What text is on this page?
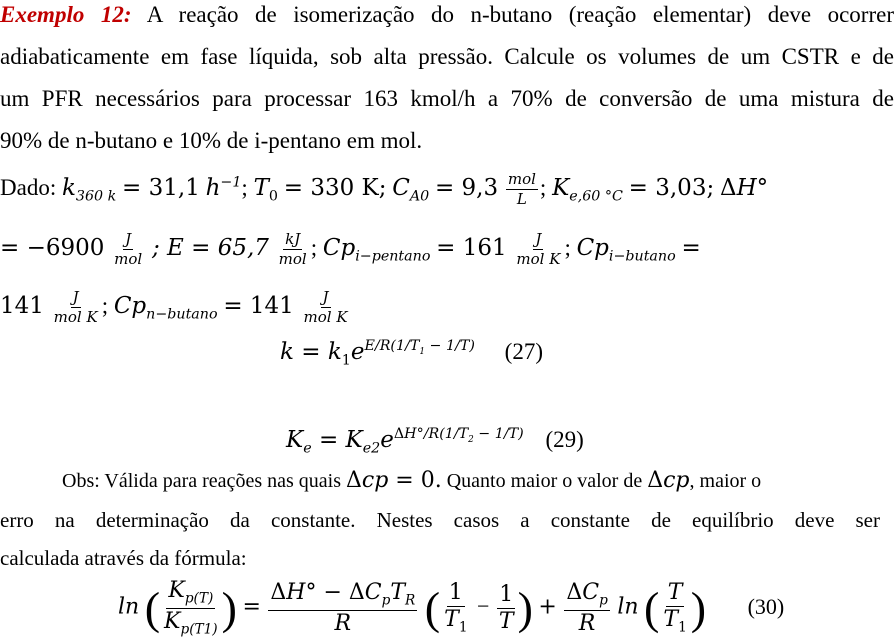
Exemplo 12: A reação de isomerização do n-butano (reação elementar) deve ocorrer
adiabaticamente em fase líquida, sob alta pressão. Calcule os volumes de um CSTR e de
um PFR necessários para processar 163 kmol/h a 70% de conversão de uma mistura de
90% de n-butano e 10% de i-pentano em mol.
Dado: $k_{360 k} = 31,1$ $h^{-1}$; $T_0 = 330$ K; $C_{A0} = 9,3 \frac{\text{mol}}{L}$ ; $K_{e,60 ^\circ C} = 3,03$; ΔH°
= $-6900 \frac{J}{\text{mol}}$ ; $E = 65,7 \frac{kJ}{\text{mol}}$ ; $Cp_{i-pentano} = 161 \frac{J}{\text{mol K}}$ ; $Cp_{i-butano}$ =
$141 \frac{J}{\text{mol K}}$ ; $Cp_{n-butano} = 141 \frac{J}{\text{mol K}}$
$k = k_1e^{E/R(1/T_1 - 1/T)}$ (27)
$K_e = K_{e2}e^{\Delta H^\circ/R(1/T_2 - 1/T)}$ (29)
Obs: Válida para reações nas quais Δcp = 0. Quanto maior o valor de Δcp, maior o
erro na determinação da constante. Nestes casos a constante de equilíbrio deve ser
calculada através da fórmula:
ln ( $\frac{K_{p(T)}}{K_{p(T1)}}$ ) = $\frac{\Delta H^\circ - \Delta C_pT_R}{R}$ ( $\frac{1}{T_1} - \frac{1}{T}$ ) + $\frac{\Delta C_p}{R}$ ln ( $\frac{T}{T_1}$ ) (30)
